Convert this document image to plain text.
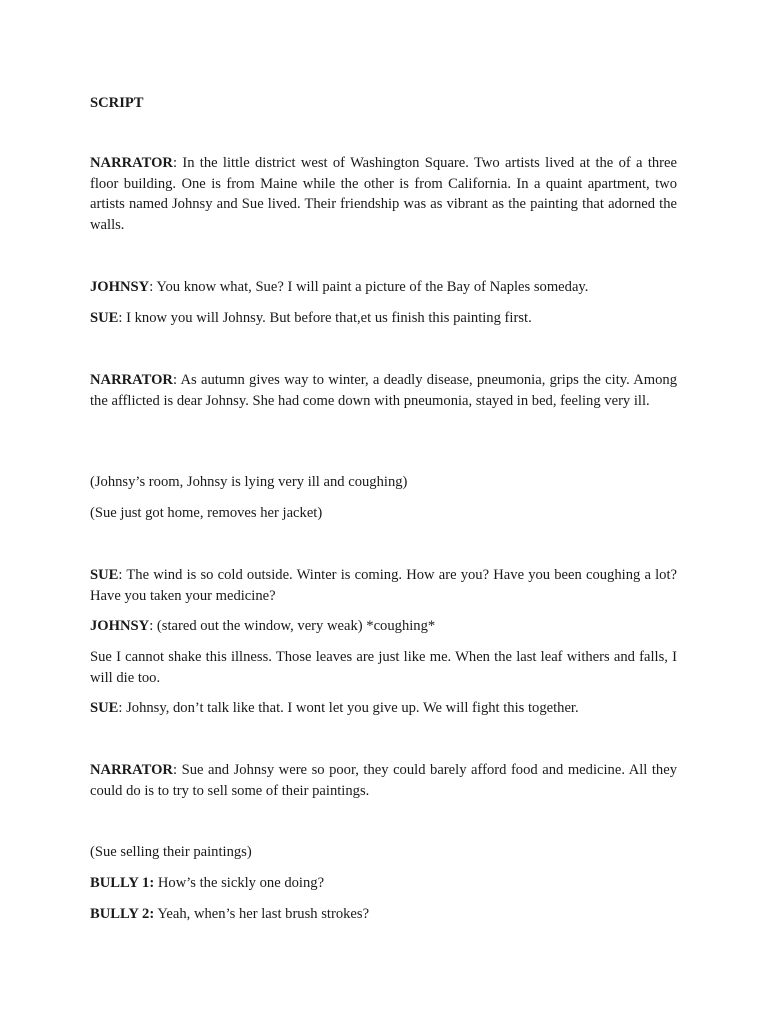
SCRIPT

NARRATOR: In the little district west of Washington Square. Two artists lived at the of a three floor building. One is from Maine while the other is from California. In a quaint apartment, two artists named Johnsy and Sue lived. Their friendship was as vibrant as the painting that adorned the walls.

JOHNSY: You know what, Sue? I will paint a picture of the Bay of Naples someday.

SUE: I know you will Johnsy. But before that,et us finish this painting first.

NARRATOR: As autumn gives way to winter, a deadly disease, pneumonia, grips the city. Among the afflicted is dear Johnsy. She had come down with pneumonia, stayed in bed, feeling very ill.

(Johnsy’s room, Johnsy is lying very ill and coughing)

(Sue just got home, removes her jacket)

SUE: The wind is so cold outside. Winter is coming. How are you? Have you been coughing a lot? Have you taken your medicine?

JOHNSY: (stared out the window, very weak) *coughing*

Sue I cannot shake this illness. Those leaves are just like me. When the last leaf withers and falls, I will die too.

SUE: Johnsy, don’t talk like that. I wont let you give up. We will fight this together.

NARRATOR: Sue and Johnsy were so poor, they could barely afford food and medicine. All they could do is to try to sell some of their paintings.

(Sue selling their paintings)

BULLY 1: How’s the sickly one doing?

BULLY 2: Yeah, when’s her last brush strokes?
